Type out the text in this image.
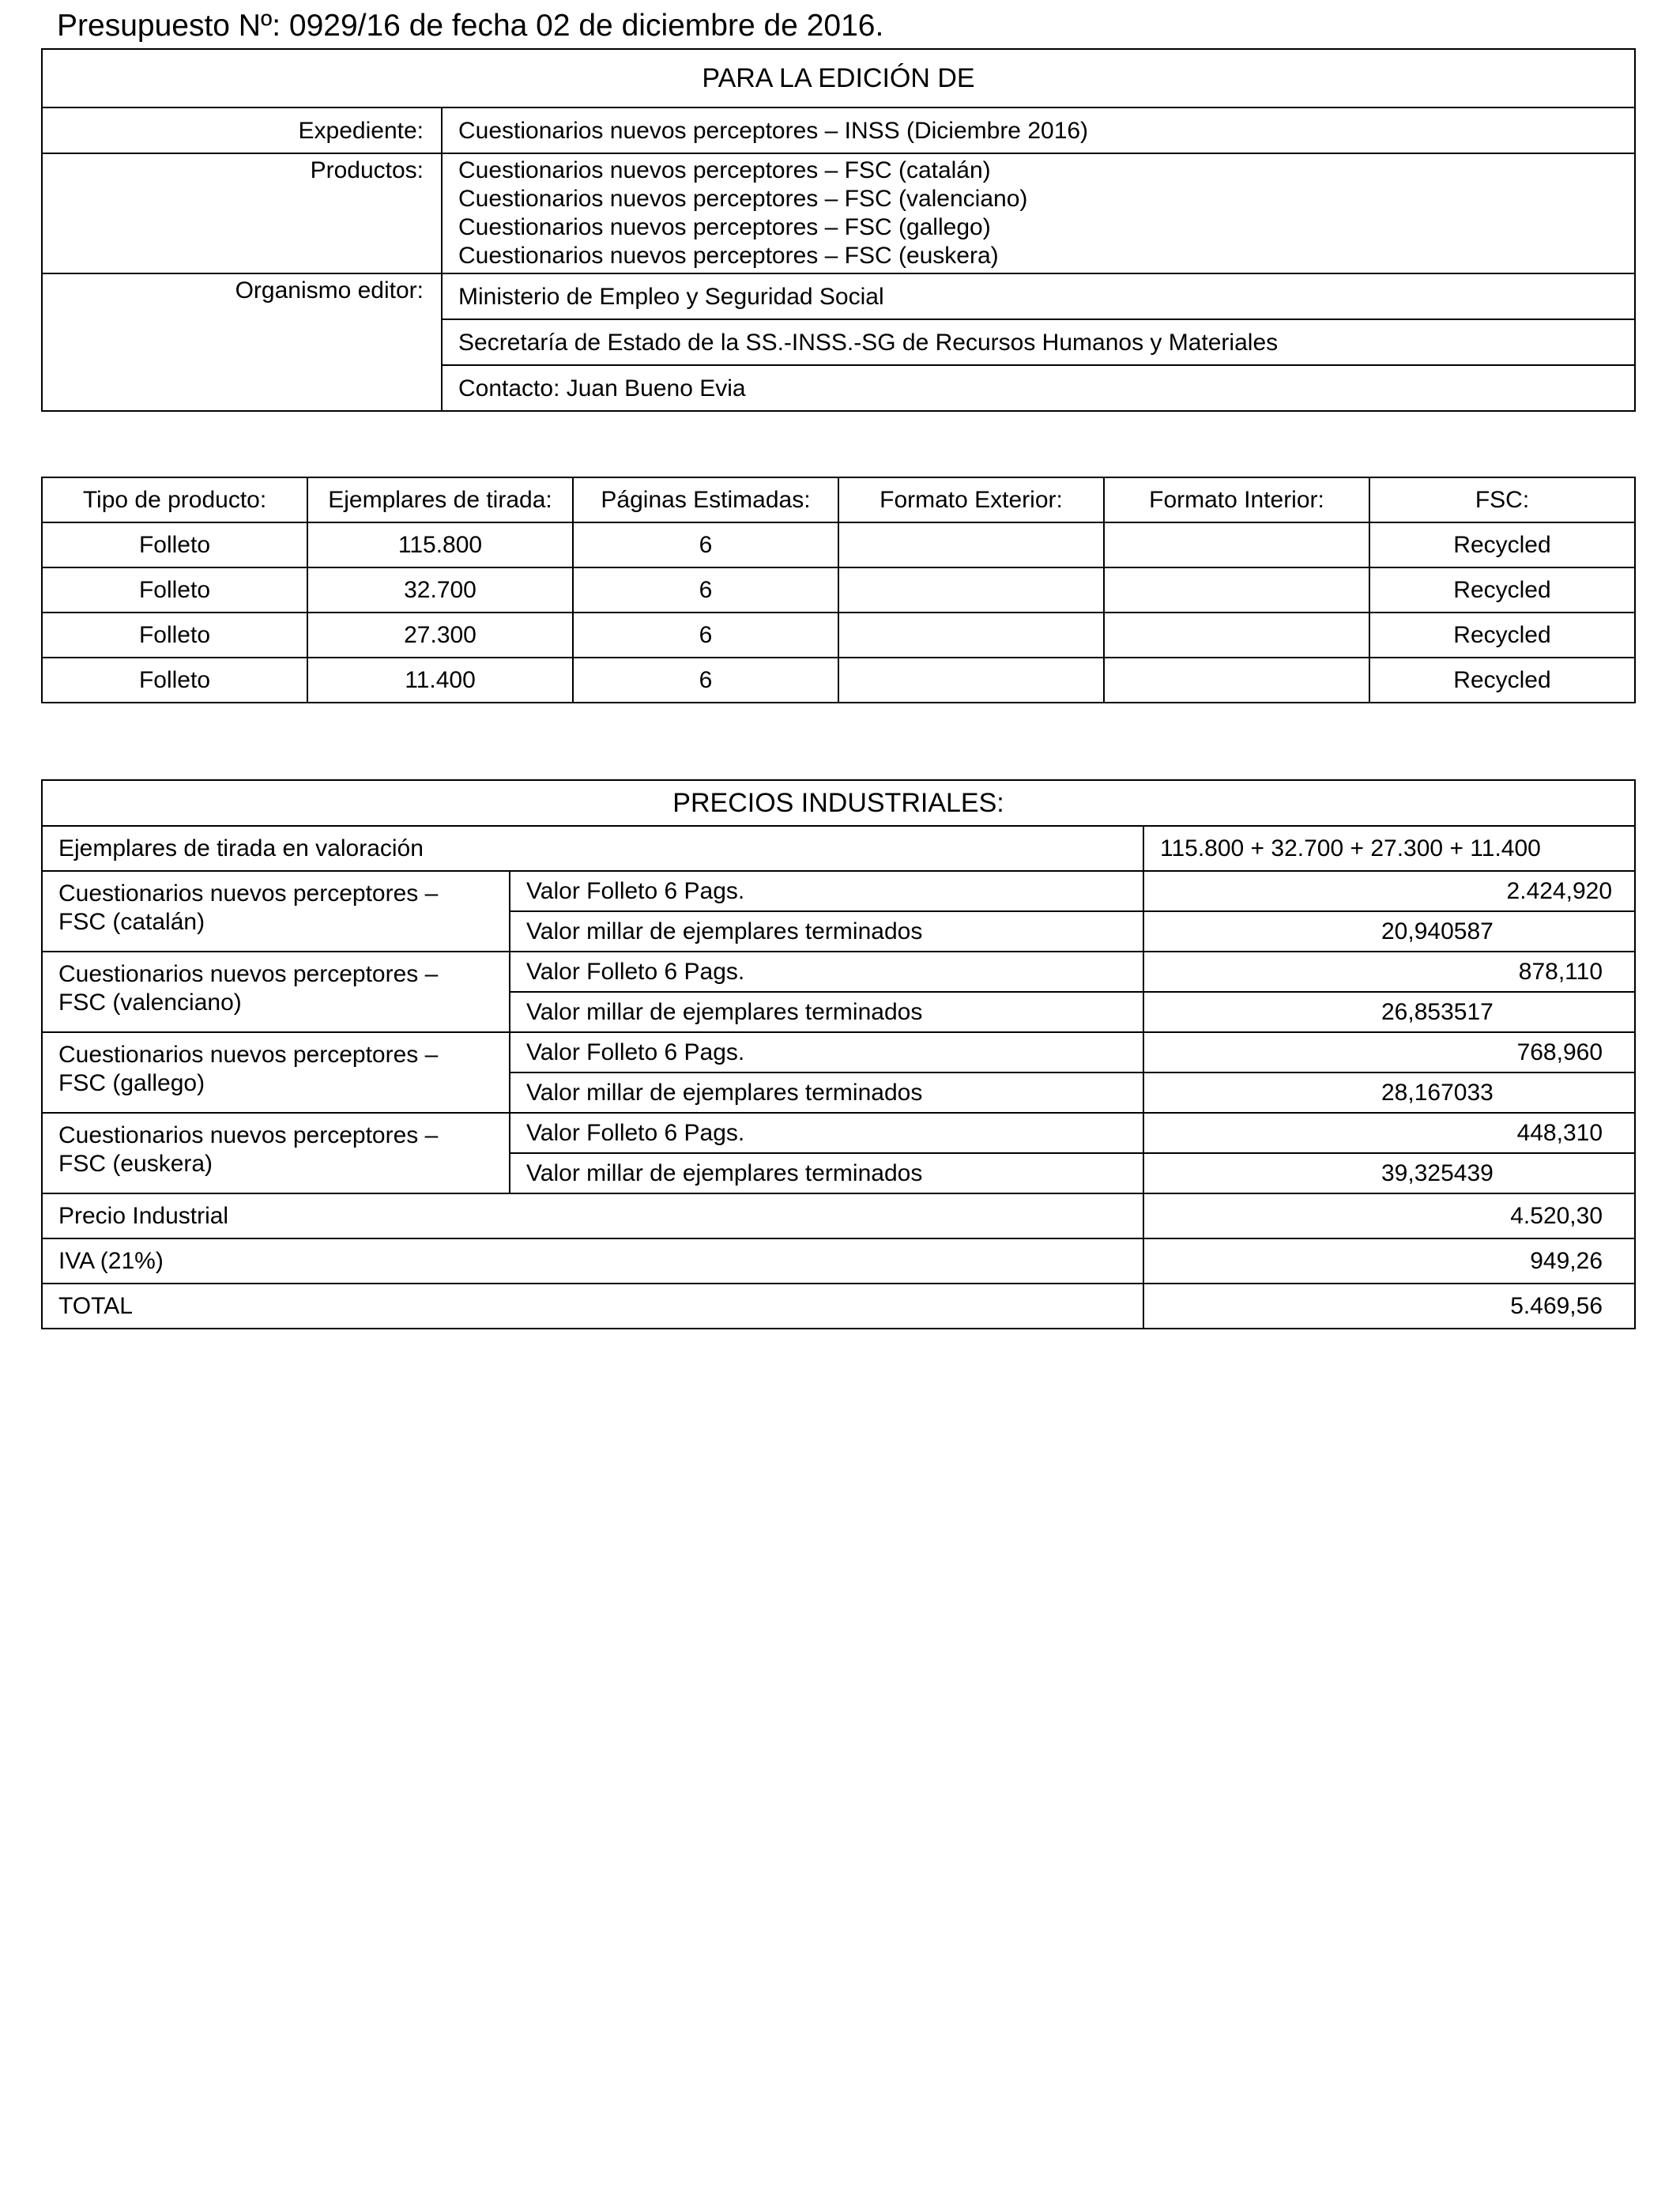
Presupuesto Nº: 0929/16 de fecha 02 de diciembre de 2016.
PARA LA EDICIÓN DE	
Expediente:	Cuestionarios nuevos perceptores – INSS (Diciembre 2016)
Productos:	Cuestionarios nuevos perceptores – FSC (catalán)
Cuestionarios nuevos perceptores – FSC (valenciano)
Cuestionarios nuevos perceptores – FSC (gallego)
Cuestionarios nuevos perceptores – FSC (euskera)

Organismo editor:	Ministerio de Empleo y Seguridad Social
	Secretaría de Estado de la SS.-INSS.-SG de Recursos Humanos y Materiales
	Contacto: Juan Bueno Evia
Tipo de producto:	Ejemplares de tirada:	Páginas Estimadas:	Formato Exterior:	Formato Interior:	FSC:
Folleto	115.800	6			Recycled
Folleto	32.700	6			Recycled
Folleto	27.300	6			Recycled
Folleto	11.400	6			Recycled
PRECIOS INDUSTRIALES:		
Ejemplares de tirada en valoración		115.800 + 32.700 + 27.300 + 11.400

Cuestionarios nuevos perceptores –
FSC (catalán)	Valor Folleto 6 Pags.	2.424,920
	Valor millar de ejemplares terminados	20,940587

Cuestionarios nuevos perceptores –
FSC (valenciano)	Valor Folleto 6 Pags.	878,110
	Valor millar de ejemplares terminados	26,853517

Cuestionarios nuevos perceptores –
FSC (gallego)	Valor Folleto 6 Pags.	768,960
	Valor millar de ejemplares terminados	28,167033

Cuestionarios nuevos perceptores –
FSC (euskera)	Valor Folleto 6 Pags.	448,310
	Valor millar de ejemplares terminados	39,325439
Precio Industrial		4.520,30
IVA (21%)		949,26
TOTAL		5.469,56
